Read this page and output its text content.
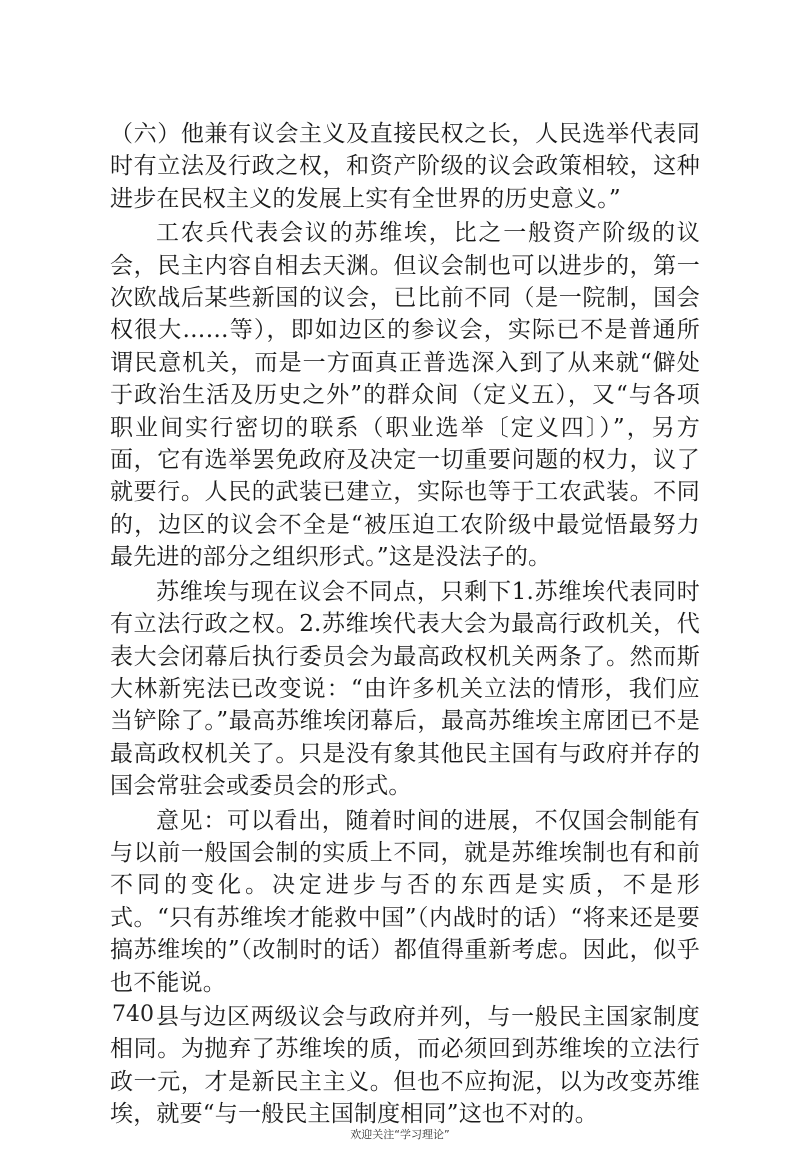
（六）他兼有议会主义及直接民权之长，人民选举代表同时有立法及行政之权，和资产阶级的议会政策相较，这种进步在民权主义的发展上实有全世界的历史意义。”

工农兵代表会议的苏维埃，比之一般资产阶级的议会，民主内容自相去天渊。但议会制也可以进步的，第一次欧战后某些新国的议会，已比前不同（是一院制，国会权很大……等），即如边区的参议会，实际已不是普通所谓民意机关，而是一方面真正普选深入到了从来就“僻处于政治生活及历史之外”的群众间（定义五），又“与各项职业间实行密切的联系（职业选举〔定义四〕）”，另方面，它有选举罢免政府及决定一切重要问题的权力，议了就要行。人民的武装已建立，实际也等于工农武装。不同的，边区的议会不全是“被压迫工农阶级中最觉悟最努力最先进的部分之组织形式。”这是没法子的。

苏维埃与现在议会不同点，只剩下1.苏维埃代表同时有立法行政之权。2.苏维埃代表大会为最高行政机关，代表大会闭幕后执行委员会为最高政权机关两条了。然而斯大林新宪法已改变说：“由许多机关立法的情形，我们应当铲除了。”最高苏维埃闭幕后，最高苏维埃主席团已不是最高政权机关了。只是没有象其他民主国有与政府并存的国会常驻会或委员会的形式。

意见：可以看出，随着时间的进展，不仅国会制能有与以前一般国会制的实质上不同，就是苏维埃制也有和前不同的变化。决定进步与否的东西是实质，不是形式。“只有苏维埃才能救中国”（内战时的话）“将来还是要搞苏维埃的”（改制时的话）都值得重新考虑。因此，似乎也不能说。

县与边区两级议会与政府并列，与一般民主国家制度相同。为抛弃了苏维埃的质，而必须回到苏维埃的立法行政一元，才是新民主主义。但也不应拘泥，以为改变苏维埃，就要“与一般民主国制度相同”这也不对的。

740
欢迎关注“学习理论”
